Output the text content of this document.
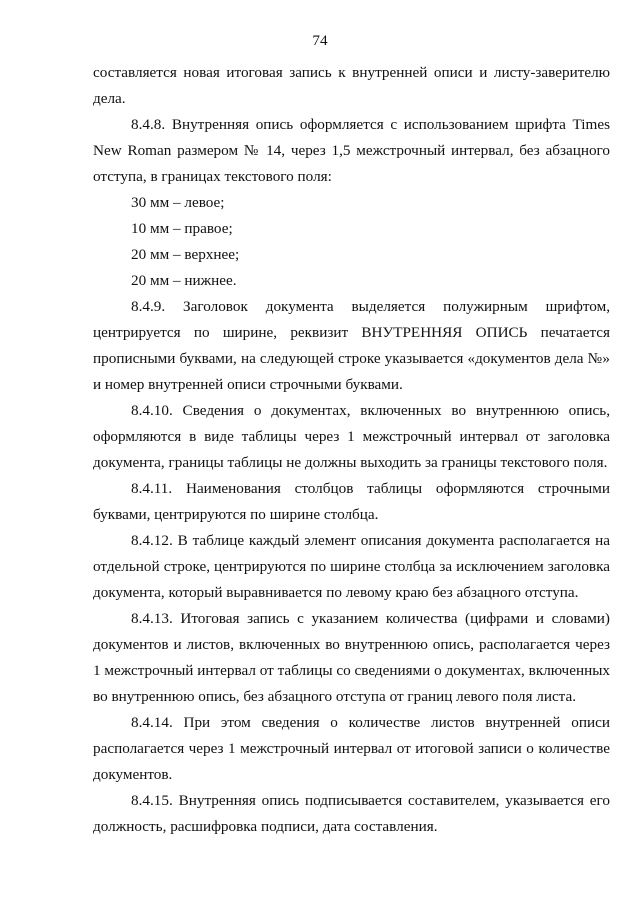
74

составляется новая итоговая запись к внутренней описи и листу-заверителю дела.

8.4.8. Внутренняя опись оформляется с использованием шрифта Times New Roman размером № 14, через 1,5 межстрочный интервал, без абзацного отступа, в границах текстового поля:

30 мм – левое;

10 мм – правое;

20 мм – верхнее;

20 мм – нижнее.

8.4.9. Заголовок документа выделяется полужирным шрифтом, центрируется по ширине, реквизит ВНУТРЕННЯЯ ОПИСЬ печатается прописными буквами, на следующей строке указывается «документов дела №» и номер внутренней описи строчными буквами.

8.4.10. Сведения о документах, включенных во внутреннюю опись, оформляются в виде таблицы через 1 межстрочный интервал от заголовка документа, границы таблицы не должны выходить за границы текстового поля.

8.4.11. Наименования столбцов таблицы оформляются строчными буквами, центрируются по ширине столбца.

8.4.12. В таблице каждый элемент описания документа располагается на отдельной строке, центрируются по ширине столбца за исключением заголовка документа, который выравнивается по левому краю без абзацного отступа.

8.4.13. Итоговая запись с указанием количества (цифрами и словами) документов и листов, включенных во внутреннюю опись, располагается через 1 межстрочный интервал от таблицы со сведениями о документах, включенных во внутреннюю опись, без абзацного отступа от границ левого поля листа.

8.4.14. При этом сведения о количестве листов внутренней описи располагается через 1 межстрочный интервал от итоговой записи о количестве документов.

8.4.15. Внутренняя опись подписывается составителем, указывается его должность, расшифровка подписи, дата составления.
